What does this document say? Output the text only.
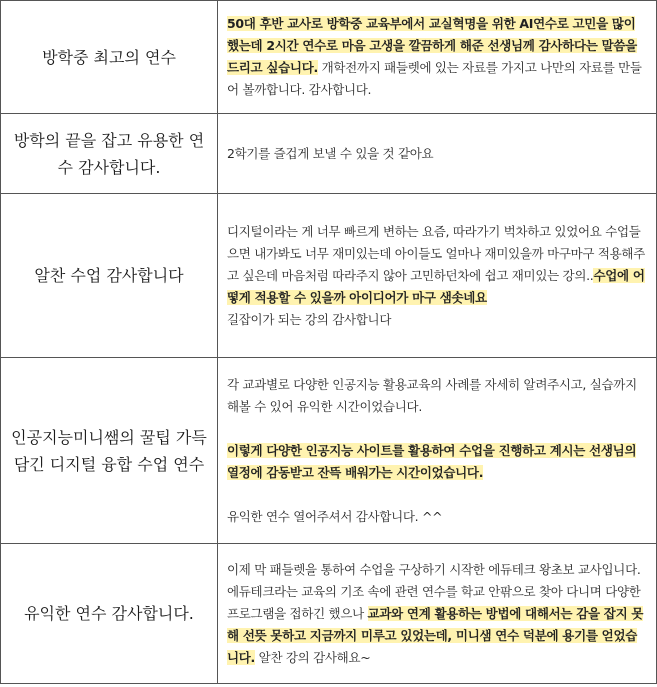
방학중 최고의 연수	50대 후반 교사로 방학중 교육부에서 교실혁명을 위한 AI연수로 고민을 많이 했는데 2시간 연수로 마음 고생을 깔끔하게 해준 선생님께 감사하다는 말씀을 드리고 싶습니다. 개학전까지 패들렛에 있는 자료를 가지고 나만의 자료를 만들어 볼까합니다. 감사합니다.
방학의 끝을 잡고 유용한 연수 감사합니다.	2학기를 즐겁게 보낼 수 있을 것 같아요
알찬 수업 감사합니다	디지털이라는 게 너무 빠르게 변하는 요즘, 따라가기 벅차하고 있었어요 수업들으면 내가봐도 너무 재미있는데 아이들도 얼마나 재미있을까 마구마구 적용해주고 싶은데 마음처럼 따라주지 않아 고민하던차에 쉽고 재미있는 강의..수업에 어떻게 적용할 수 있을까 아이디어가 마구 샘솟네요
길잡이가 되는 강의 감사합니다
인공지능미니쌤의 꿀팁 가득 담긴 디지털 융합 수업 연수	각 교과별로 다양한 인공지능 활용교육의 사례를 자세히 알려주시고, 실습까지 해볼 수 있어 유익한 시간이었습니다.
이렇게 다양한 인공지능 사이트를 활용하여 수업을 진행하고 계시는 선생님의 열정에 감동받고 잔뜩 배워가는 시간이었습니다.
유익한 연수 열어주셔서 감사합니다. ^^

유익한 연수 감사합니다.	이제 막 패들렛을 통하여 수업을 구상하기 시작한 에듀테크 왕초보 교사입니다. 에듀테크라는 교육의 기조 속에 관련 연수를 학교 안팎으로 찾아 다니며 다양한 프로그램을 접하긴 했으나 교과와 연계 활용하는 방법에 대해서는 감을 잡지 못해 선뜻 못하고 지금까지 미루고 있었는데, 미니샘 연수 덕분에 용기를 얻었습니다. 알찬 강의 감사해요~
